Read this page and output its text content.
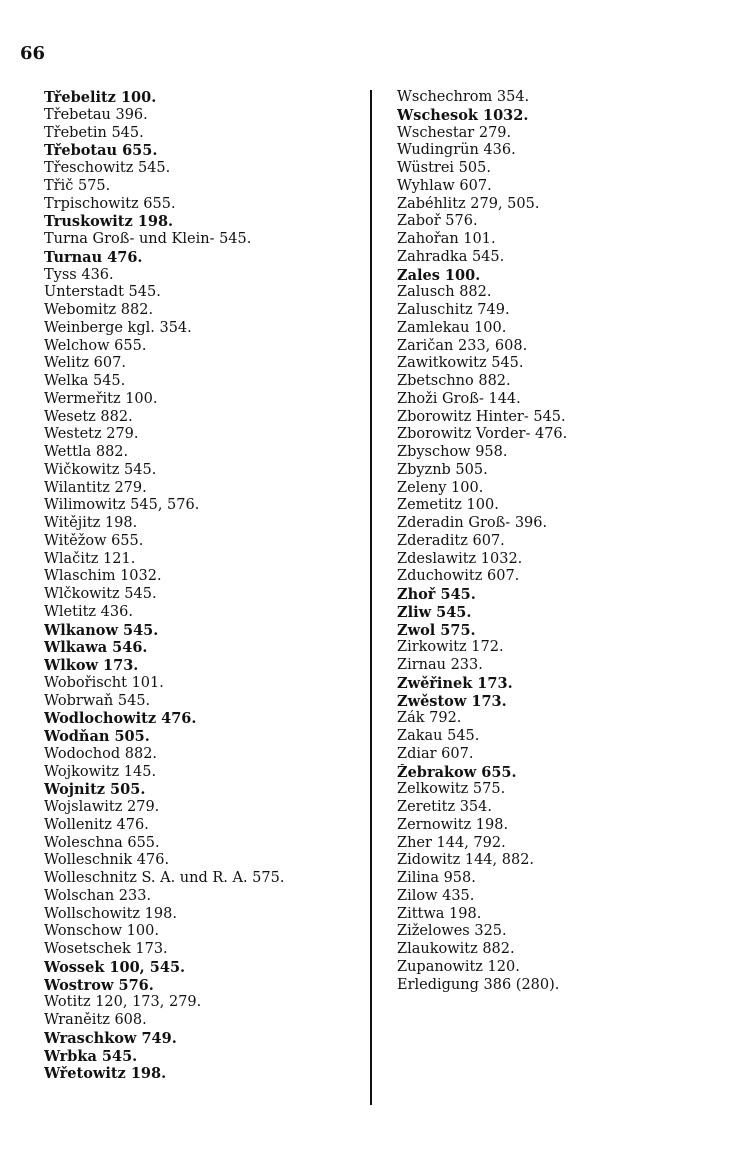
66
Třebelitz 100.
Třebetau 396.
Třebetin 545.
Třebotau 655.
Třeschowitz 545.
Třič 575.
Trpischowitz 655.
Truskowitz 198.
Turna Groß- und Klein- 545.
Turnau 476.
Tyss 436.
Unterstadt 545.
Webomitz 882.
Weinberge kgl. 354.
Welchow 655.
Welitz 607.
Welka 545.
Wermeřitz 100.
Wesetz 882.
Westetz 279.
Wettla 882.
Wičkowitz 545.
Wilantitz 279.
Wilimowitz 545, 576.
Witějitz 198.
Witěžow 655.
Wlačitz 121.
Wlaschim 1032.
Wlčkowitz 545.
Wletitz 436.
Wlkanow 545.
Wlkawa 546.
Wlkow 173.
Wobořischt 101.
Wobrwaň 545.
Wodlochowitz 476.
Wodňan 505.
Wodochod 882.
Wojkowitz 145.
Wojnitz 505.
Wojslawitz 279.
Wollenitz 476.
Woleschna 655.
Wolleschnik 476.
Wolleschnitz S. A. und R. A. 575.
Wolschan 233.
Wollschowitz 198.
Wonschow 100.
Wosetschek 173.
Wossek 100, 545.
Wostrow 576.
Wotitz 120, 173, 279.
Wraněitz 608.
Wraschkow 749.
Wrbka 545.
Wřetowitz 198.
Wschechrom 354.
Wschesok 1032.
Wschestar 279.
Wudingrün 436.
Wüstrei 505.
Wyhlaw 607.
Zabéhlitz 279, 505.
Zaboř 576.
Zahořan 101.
Zahradka 545.
Zales 100.
Zalusch 882.
Zaluschitz 749.
Zamlekau 100.
Zaričan 233, 608.
Zawitkowitz 545.
Zbetschno 882.
Zhoži Groß- 144.
Zborowitz Hinter- 545.
Zborowitz Vorder- 476.
Zbyschow 958.
Zbyznb 505.
Zeleny 100.
Zemetitz 100.
Zderadin Groß- 396.
Zderaditz 607.
Zdeslawitz 1032.
Zduchowitz 607.
Zhoř 545.
Zliw 545.
Zwol 575.
Zirkowitz 172.
Zirnau 233.
Zwěřinek 173.
Zwěstow 173.
Žák 792.
Žakau 545.
Ždiar 607.
Žebrakow 655.
Želkowitz 575.
Žeretitz 354.
Žernowitz 198.
Žher 144, 792.
Zidowitz 144, 882.
Žilina 958.
Žilow 435.
Žittwa 198.
Žiželowes 325.
Žlaukowitz 882.
Županowitz 120.
Erledigung 386 (280).
